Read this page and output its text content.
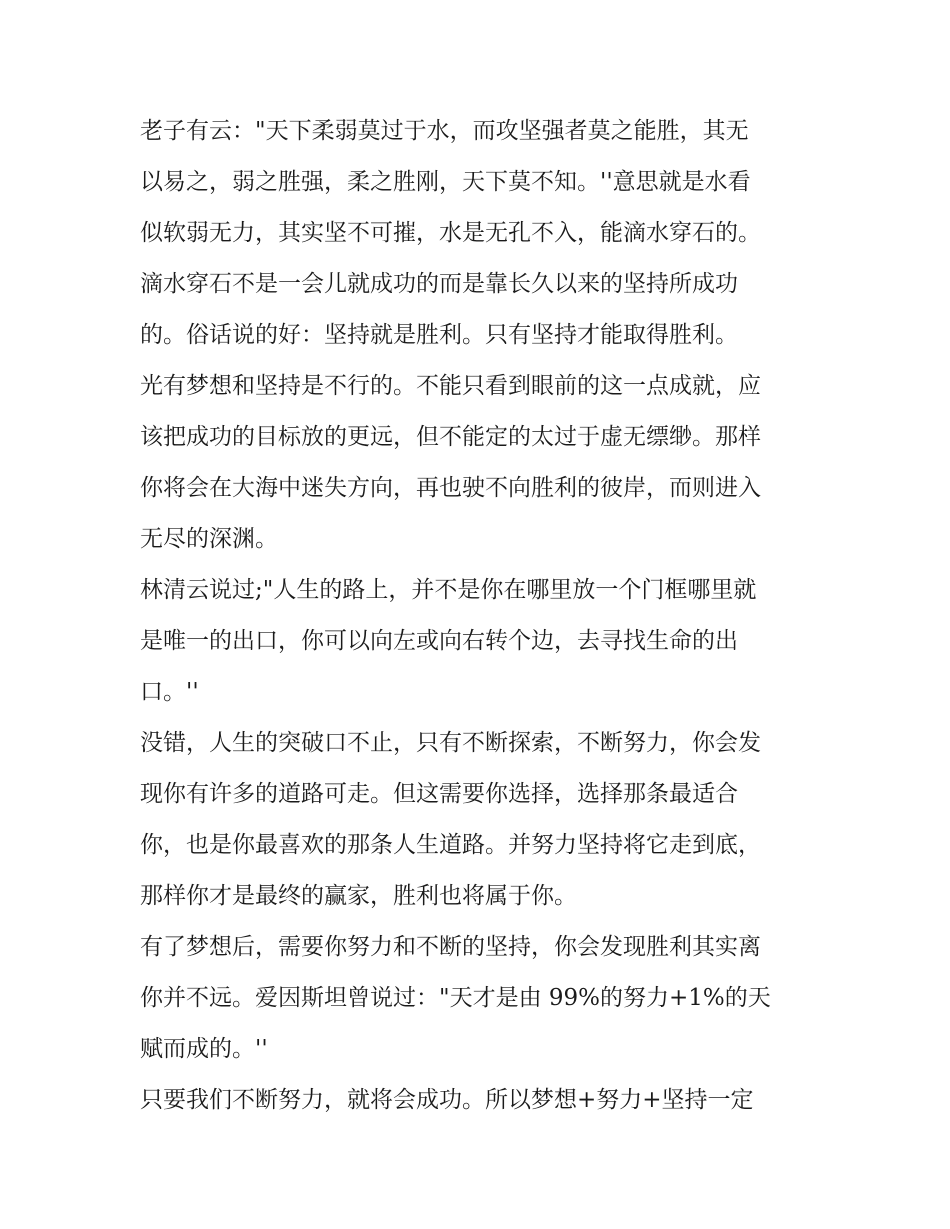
老子有云："天下柔弱莫过于水，而攻坚强者莫之能胜，其无
以易之，弱之胜强，柔之胜刚，天下莫不知。''意思就是水看
似软弱无力，其实坚不可摧，水是无孔不入，能滴水穿石的。
滴水穿石不是一会儿就成功的而是靠长久以来的坚持所成功
的。俗话说的好：坚持就是胜利。只有坚持才能取得胜利。
光有梦想和坚持是不行的。不能只看到眼前的这一点成就，应
该把成功的目标放的更远，但不能定的太过于虚无缥缈。那样
你将会在大海中迷失方向，再也驶不向胜利的彼岸，而则进入
无尽的深渊。
林清云说过;"人生的路上，并不是你在哪里放一个门框哪里就
是唯一的出口，你可以向左或向右转个边，去寻找生命的出
口。''
没错，人生的突破口不止，只有不断探索，不断努力，你会发
现你有许多的道路可走。但这需要你选择，选择那条最适合
你，也是你最喜欢的那条人生道路。并努力坚持将它走到底，
那样你才是最终的赢家，胜利也将属于你。
有了梦想后，需要你努力和不断的坚持，你会发现胜利其实离
你并不远。爱因斯坦曾说过："天才是由 99%的努力+1%的天
赋而成的。''
只要我们不断努力，就将会成功。所以梦想+努力+坚持一定
